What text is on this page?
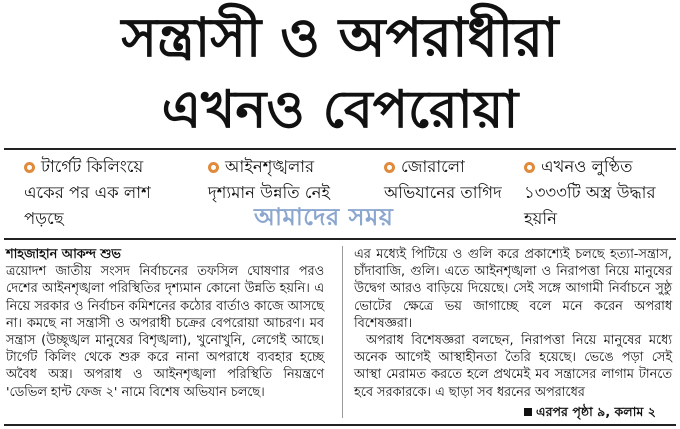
সন্ত্রাসী ও অপরাধীরা
এখনও বেপরোয়া
টার্গেট কিলিংয়ে একের পর এক লাশ পড়ছে
আইনশৃঙ্খলার দৃশ্যমান উন্নতি নেই
জোরালো অভিযানের তাগিদ
এখনও লুণ্ঠিত ১৩৩৩টি অস্ত্র উদ্ধার হয়নি
আমাদের সময়
শাহজাহান আকন্দ শুভ
ত্রয়োদশ জাতীয় সংসদ নির্বাচনের তফসিল ঘোষণার পরও দেশের আইনশৃঙ্খলা পরিস্থিতির দৃশ্যমান কোনো উন্নতি হয়নি। এ নিয়ে সরকার ও নির্বাচন কমিশনের কঠোর বার্তাও কাজে আসছে না। কমছে না সন্ত্রাসী ও অপরাধী চক্রের বেপরোয়া আচরণ। মব সন্ত্রাস (উচ্ছৃঙ্খল মানুষের বিশৃঙ্খলা), খুনোখুনি, লেগেই আছে। টার্গেট কিলিং থেকে শুরু করে নানা অপরাধে ব্যবহার হচ্ছে অবৈধ অস্ত্র। অপরাধ ও আইনশৃঙ্খলা পরিস্থিতি নিয়ন্ত্রণে 'ডেভিল হান্ট ফেজ ২' নামে বিশেষ অভিযান চলছে।
এর মধ্যেই পিটিয়ে ও গুলি করে প্রকাশ্যেই চলছে হত্যা-সন্ত্রাস, চাঁদাবাজি, গুলি। এতে আইনশৃঙ্খলা ও নিরাপত্তা নিয়ে মানুষের উদ্বেগ আরও বাড়িয়ে দিয়েছে। সেই সঙ্গে আগামী নির্বাচনে সুষ্ঠু ভোটের ক্ষেত্রে ভয় জাগাচ্ছে বলে মনে করেন অপরাধ বিশেষজ্ঞরা।
অপরাধ বিশেষজ্ঞরা বলছেন, নিরাপত্তা নিয়ে মানুষের মধ্যে অনেক আগেই আস্থাহীনতা তৈরি হয়েছে। ভেঙে পড়া সেই আস্থা মেরামত করতে হলে প্রথমেই মব সন্ত্রাসের লাগাম টানতে হবে সরকারকে। এ ছাড়া সব ধরনের অপরাধের
এরপর পৃষ্ঠা ৯, কলাম ২
